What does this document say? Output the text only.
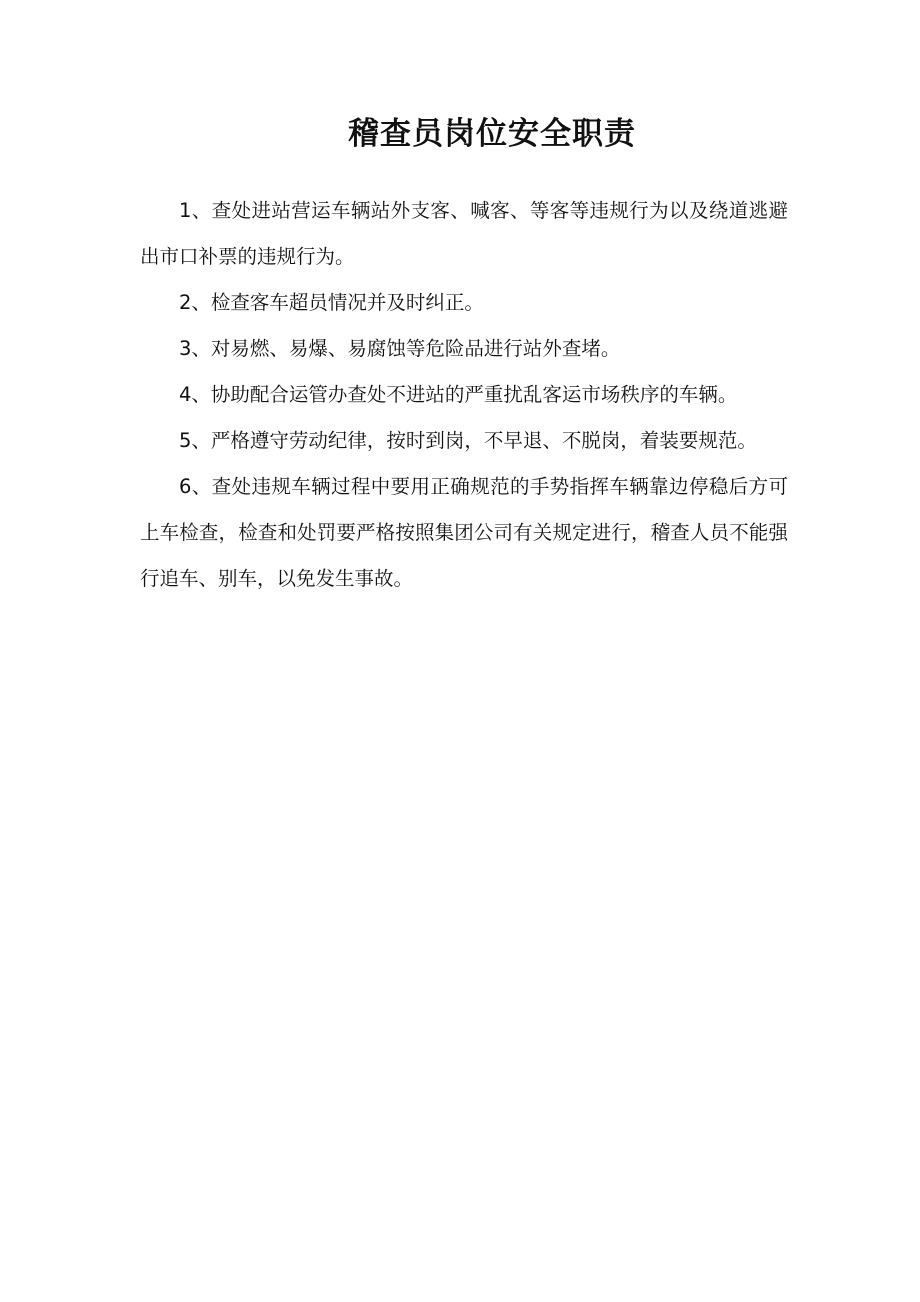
稽查员岗位安全职责

1、查处进站营运车辆站外支客、喊客、等客等违规行为以及绕道逃避出市口补票的违规行为。

2、检查客车超员情况并及时纠正。

3、对易燃、易爆、易腐蚀等危险品进行站外查堵。

4、协助配合运管办查处不进站的严重扰乱客运市场秩序的车辆。

5、严格遵守劳动纪律，按时到岗，不早退、不脱岗，着装要规范。

6、查处违规车辆过程中要用正确规范的手势指挥车辆靠边停稳后方可上车检查，检查和处罚要严格按照集团公司有关规定进行，稽查人员不能强行追车、别车，以免发生事故。
